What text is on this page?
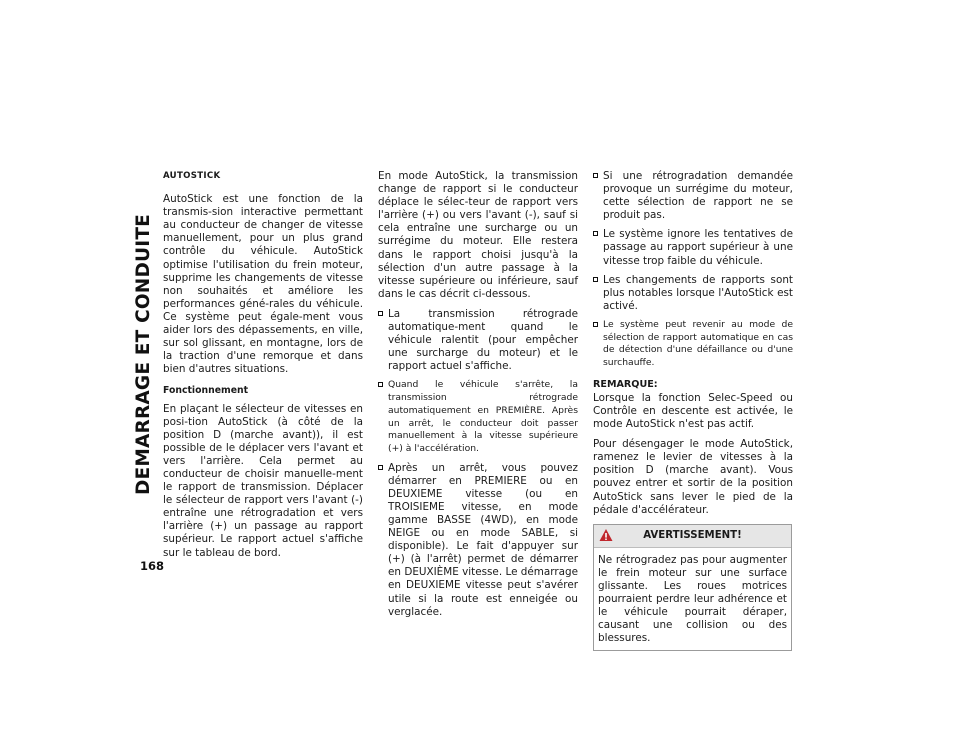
DEMARRAGE ET CONDUITE
168
AUTOSTICK

AutoStick est une fonction de la transmis-sion interactive permettant au conducteur de changer de vitesse manuellement, pour un plus grand contrôle du véhicule. AutoStick optimise l'utilisation du frein moteur, supprime les changements de vitesse non souhaités et améliore les performances géné-rales du véhicule. Ce système peut égale-ment vous aider lors des dépassements, en ville, sur sol glissant, en montagne, lors de la traction d'une remorque et dans bien d'autres situations.

Fonctionnement

En plaçant le sélecteur de vitesses en posi-tion AutoStick (à côté de la position D (marche avant)), il est possible de le déplacer vers l'avant et vers l'arrière. Cela permet au conducteur de choisir manuelle-ment le rapport de transmission. Déplacer le sélecteur de rapport vers l'avant (-) entraîne une rétrogradation et vers l'arrière (+) un passage au rapport supérieur. Le rapport actuel s'affiche sur le tableau de bord.

En mode AutoStick, la transmission change de rapport si le conducteur déplace le sélec-teur de rapport vers l'arrière (+) ou vers l'avant (-), sauf si cela entraîne une surcharge ou un surrégime du moteur. Elle restera dans le rapport choisi jusqu'à la sélection d'un autre passage à la vitesse supérieure ou inférieure, sauf dans le cas décrit ci-dessous.

La transmission rétrograde automatique-ment quand le véhicule ralentit (pour empêcher une surcharge du moteur) et le rapport actuel s'affiche.
Quand le véhicule s'arrête, la transmission rétrograde automatiquement en PREMIÈRE. Après un arrêt, le conducteur doit passer manuellement à la vitesse supérieure (+) à l'accélération.
Après un arrêt, vous pouvez démarrer en PREMIERE ou en DEUXIEME vitesse (ou en TROISIEME vitesse, en mode gamme BASSE (4WD), en mode NEIGE ou en mode SABLE, si disponible). Le fait d'appuyer sur (+) (à l'arrêt) permet de démarrer en DEUXIÈME vitesse. Le démarrage en DEUXIEME vitesse peut s'avérer utile si la route est enneigée ou verglacée.
Si une rétrogradation demandée provoque un surrégime du moteur, cette sélection de rapport ne se produit pas.
Le système ignore les tentatives de passage au rapport supérieur à une vitesse trop faible du véhicule.
Les changements de rapports sont plus notables lorsque l'AutoStick est activé.
Le système peut revenir au mode de sélection de rapport automatique en cas de détection d'une défaillance ou d'une surchauffe.
REMARQUE:

Lorsque la fonction Selec-Speed ou Contrôle en descente est activée, le mode AutoStick n'est pas actif.

Pour désengager le mode AutoStick, ramenez le levier de vitesses à la position D (marche avant). Vous pouvez entrer et sortir de la position AutoStick sans lever le pied de la pédale d'accélérateur.

AVERTISSEMENT!
Ne rétrogradez pas pour augmenter le frein moteur sur une surface glissante. Les roues motrices pourraient perdre leur adhérence et le véhicule pourrait déraper, causant une collision ou des blessures.
